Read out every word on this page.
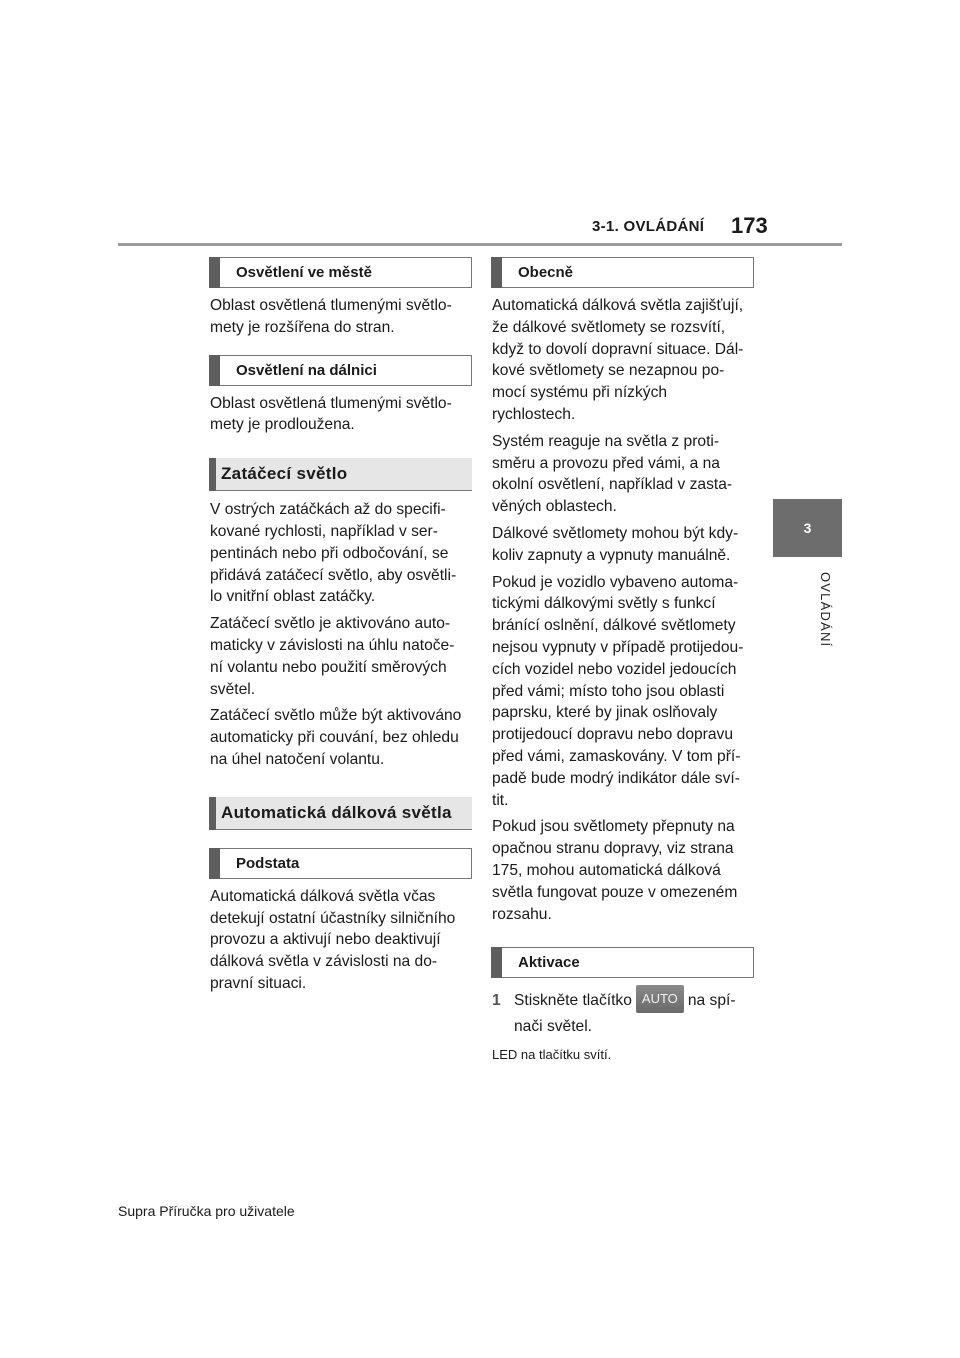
3-1. OVLÁDÁNÍ 173
3
OVLÁDÁNÍ
Osvětlení ve městě
Oblast osvětlená tlumenými světlo-
mety je rozšířena do stran.
Osvětlení na dálnici
Oblast osvětlená tlumenými světlo-
mety je prodloužena.
Zatáčecí světlo
V ostrých zatáčkách až do specifi-
kované rychlosti, například v ser-
pentinách nebo při odbočování, se
přidává zatáčecí světlo, aby osvětli-
lo vnitřní oblast zatáčky.
Zatáčecí světlo je aktivováno auto-
maticky v závislosti na úhlu natoče-
ní volantu nebo použití směrových
světel.
Zatáčecí světlo může být aktivováno
automaticky při couvání, bez ohledu
na úhel natočení volantu.
Automatická dálková světla
Podstata
Automatická dálková světla včas
detekují ostatní účastníky silničního
provozu a aktivují nebo deaktivují
dálková světla v závislosti na do-
pravní situaci.
Obecně
Automatická dálková světla zajišťují,
že dálkové světlomety se rozsvítí,
když to dovolí dopravní situace. Dál-
kové světlomety se nezapnou po-
mocí systému při nízkých
rychlostech.
Systém reaguje na světla z proti-
směru a provozu před vámi, a na
okolní osvětlení, například v zasta-
věných oblastech.
Dálkové světlomety mohou být kdy-
koliv zapnuty a vypnuty manuálně.
Pokud je vozidlo vybaveno automa-
tickými dálkovými světly s funkcí
bránící oslnění, dálkové světlomety
nejsou vypnuty v případě protijedou-
cích vozidel nebo vozidel jedoucích
před vámi; místo toho jsou oblasti
paprsku, které by jinak oslňovaly
protijedoucí dopravu nebo dopravu
před vámi, zamaskovány. V tom pří-
padě bude modrý indikátor dále sví-
tit.
Pokud jsou světlomety přepnuty na
opačnou stranu dopravy, viz strana
175, mohou automatická dálková
světla fungovat pouze v omezeném
rozsahu.
Aktivace
1 Stiskněte tlačítko AUTO na spí-
nači světel.
LED na tlačítku svítí.
Supra Příručka pro uživatele
